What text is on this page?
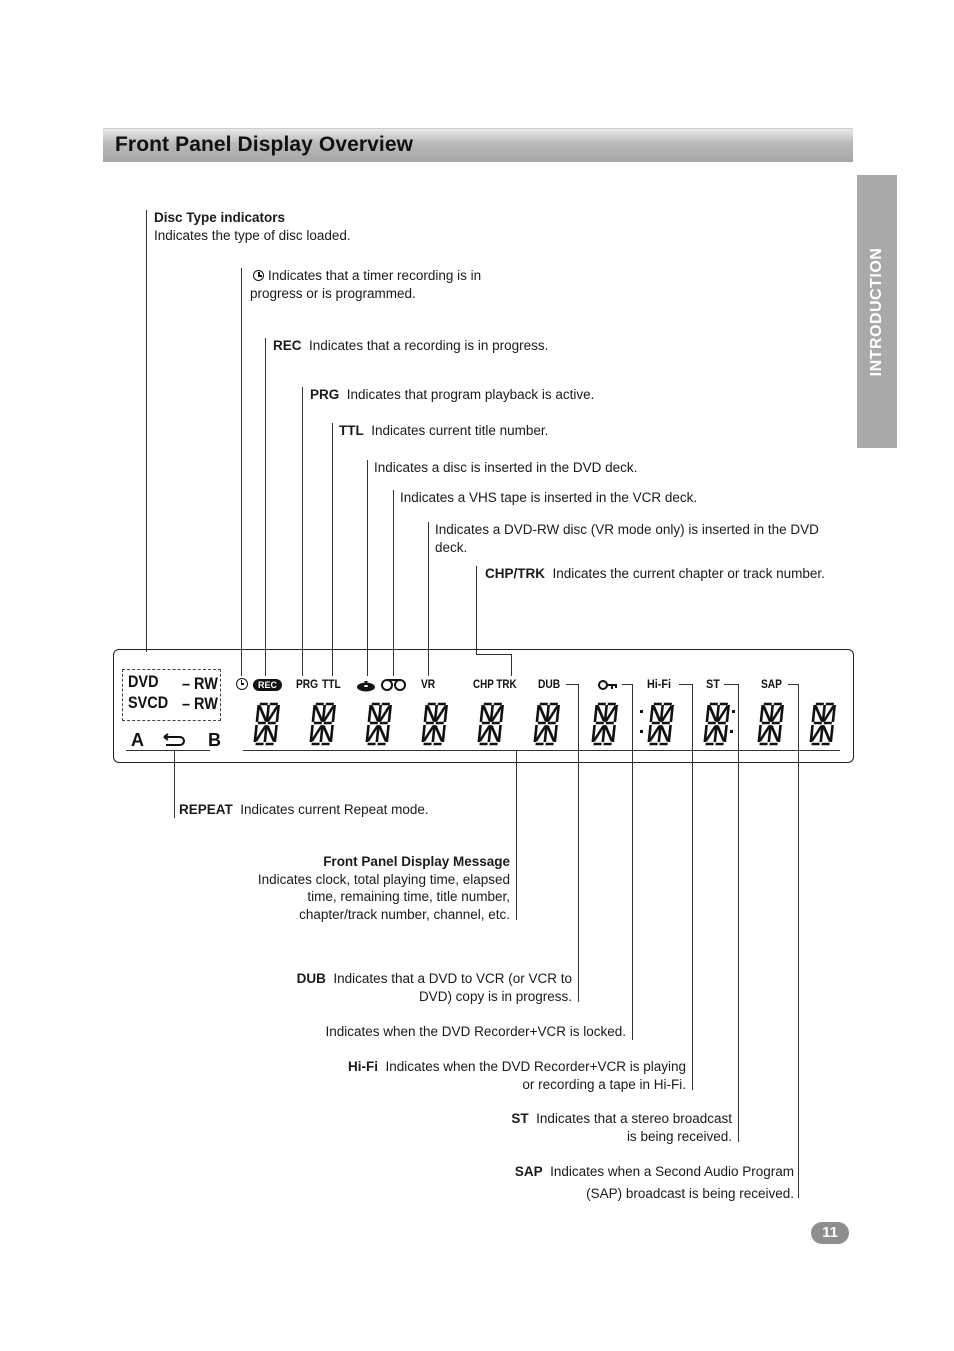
Front Panel Display Overview
INTRODUCTION
Disc Type indicators
Indicates the type of disc loaded.
Indicates that a timer recording is in
progress or is programmed.
REC Indicates that a recording is in progress.
PRG Indicates that program playback is active.
TTL Indicates current title number.
Indicates a disc is inserted in the DVD deck.
Indicates a VHS tape is inserted in the VCR deck.
Indicates a DVD-RW disc (VR mode only) is inserted in the DVD
deck.
CHP/TRK Indicates the current chapter or track number.
DVD
SVCD
– RW
– RW
A	B
REC	PRG TTL	VR	CHP TRK DUB	Hi-Fi	ST	SAP
REPEAT Indicates current Repeat mode.
Front Panel Display Message
Indicates clock, total playing time, elapsed
time, remaining time, title number,
chapter/track number, channel, etc.
DUB Indicates that a DVD to VCR (or VCR to
DVD) copy is in progress.
Indicates when the DVD Recorder+VCR is locked.
Hi-Fi Indicates when the DVD Recorder+VCR is playing
or recording a tape in Hi-Fi.
ST Indicates that a stereo broadcast
is being received.
SAP Indicates when a Second Audio Program
(SAP) broadcast is being received.
11
